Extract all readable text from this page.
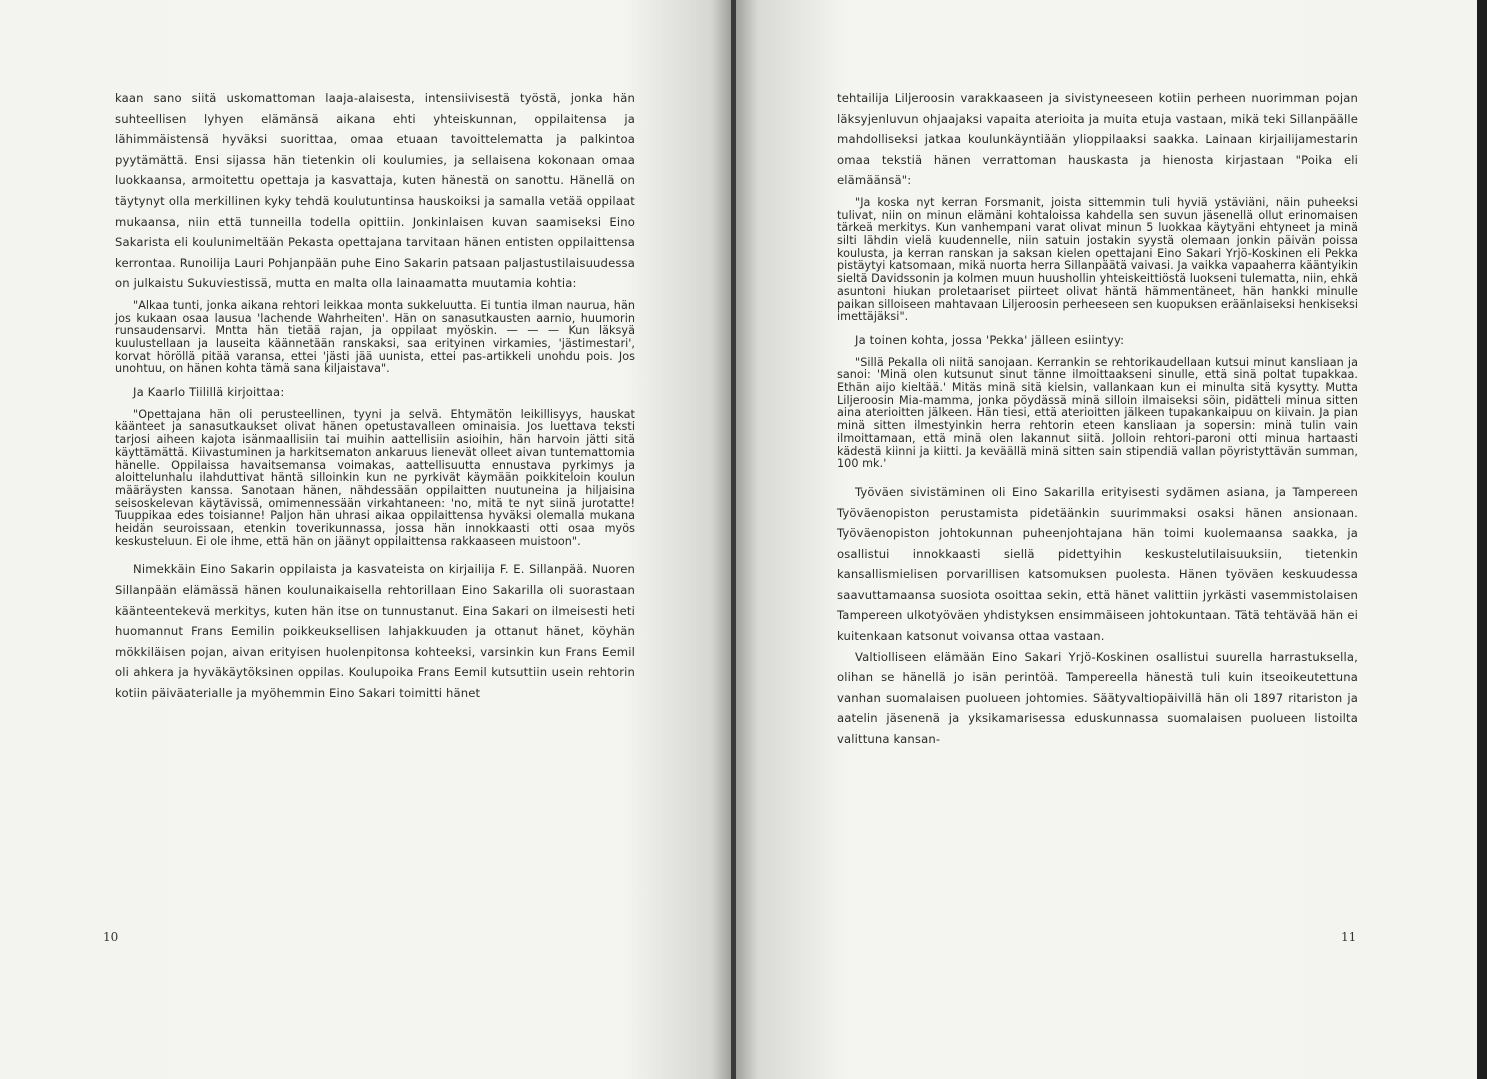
kaan sano siitä uskomattoman laaja-alaisesta, intensiivisestä työstä, jonka hän suhteellisen lyhyen elämänsä aikana ehti yhteiskunnan, oppilaitensa ja lähimmäistensä hyväksi suorittaa, omaa etuaan tavoittelematta ja palkintoa pyytämättä. Ensi sijassa hän tietenkin oli koulumies, ja sellaisena kokonaan omaa luokkaansa, armoitettu opettaja ja kasvattaja, kuten hänestä on sanottu. Hänellä on täytynyt olla merkillinen kyky tehdä koulutuntinsa hauskoiksi ja samalla vetää oppilaat mukaansa, niin että tunneilla todella opittiin. Jonkinlaisen kuvan saamiseksi Eino Sakarista eli koulunimeltään Pekasta opettajana tarvitaan hänen entisten oppilaittensa kerrontaa. Runoilija Lauri Pohjanpään puhe Eino Sakarin patsaan paljastustilaisuudessa on julkaistu Sukuviestissä, mutta en malta olla lainaamatta muutamia kohtia:

"Alkaa tunti, jonka aikana rehtori leikkaa monta sukkeluutta. Ei tuntia ilman naurua, hän jos kukaan osaa lausua 'lachende Wahrheiten'. Hän on sanasutkausten aarnio, huumorin runsaudensarvi. Mntta hän tietää rajan, ja oppilaat myöskin. — — — Kun läksyä kuulustellaan ja lauseita käännetään ranskaksi, saa erityinen virkamies, 'jästimestari', korvat höröllä pitää varansa, ettei 'jästi jää uunista, ettei pas-artikkeli unohdu pois. Jos unohtuu, on hänen kohta tämä sana kiljaistava".

Ja Kaarlo Tiilillä kirjoittaa:

"Opettajana hän oli perusteellinen, tyyni ja selvä. Ehtymätön leikillisyys, hauskat käänteet ja sanasutkaukset olivat hänen opetustavalleen ominaisia. Jos luettava teksti tarjosi aiheen kajota isänmaallisiin tai muihin aattellisiin asioihin, hän harvoin jätti sitä käyttämättä. Kiivastuminen ja harkitsematon ankaruus lienevät olleet aivan tuntemattomia hänelle. Oppilaissa havaitsemansa voimakas, aattellisuutta ennustava pyrkimys ja aloittelunhalu ilahduttivat häntä silloinkin kun ne pyrkivät käymään poikkiteloin koulun määräysten kanssa. Sanotaan hänen, nähdessään oppilaitten nuutuneina ja hiljaisina seisoskelevan käytävissä, omimennessään virkahtaneen: 'no, mitä te nyt siinä jurotatte! Tuuppikaa edes toisianne! Paljon hän uhrasi aikaa oppilaittensa hyväksi olemalla mukana heidän seuroissaan, etenkin toverikunnassa, jossa hän innokkaasti otti osaa myös keskusteluun. Ei ole ihme, että hän on jäänyt oppilaittensa rakkaaseen muistoon".

Nimekkäin Eino Sakarin oppilaista ja kasvateista on kirjailija F. E. Sillanpää. Nuoren Sillanpään elämässä hänen koulunaikaisella rehtorillaan Eino Sakarilla oli suorastaan käänteentekevä merkitys, kuten hän itse on tunnustanut. Eina Sakari on ilmeisesti heti huomannut Frans Eemilin poikkeuksellisen lahjakkuuden ja ottanut hänet, köyhän mökkiläisen pojan, aivan erityisen huolenpitonsa kohteeksi, varsinkin kun Frans Eemil oli ahkera ja hyväkäytöksinen oppilas. Koulupoika Frans Eemil kutsuttiin usein rehtorin kotiin päiväaterialle ja myöhemmin Eino Sakari toimitti hänet

10

tehtailija Liljeroosin varakkaaseen ja sivistyneeseen kotiin perheen nuorimman pojan läksyjenluvun ohjaajaksi vapaita aterioita ja muita etuja vastaan, mikä teki Sillanpäälle mahdolliseksi jatkaa koulunkäyntiään ylioppilaaksi saakka. Lainaan kirjailijamestarin omaa tekstiä hänen verrattoman hauskasta ja hienosta kirjastaan "Poika eli elämäänsä":

"Ja koska nyt kerran Forsmanit, joista sittemmin tuli hyviä ystäviäni, näin puheeksi tulivat, niin on minun elämäni kohtaloissa kahdella sen suvun jäsenellä ollut erinomaisen tärkeä merkitys. Kun vanhempani varat olivat minun 5 luokkaa käytyäni ehtyneet ja minä silti lähdin vielä kuudennelle, niin satuin jostakin syystä olemaan jonkin päivän poissa koulusta, ja kerran ranskan ja saksan kielen opettajani Eino Sakari Yrjö-Koskinen eli Pekka pistäytyi katsomaan, mikä nuorta herra Sillanpäätä vaivasi. Ja vaikka vapaaherra kääntyikin sieltä Davidssonin ja kolmen muun huushollin yhteiskeittiöstä luokseni tulematta, niin, ehkä asuntoni hiukan proletaariset piirteet olivat häntä hämmentäneet, hän hankki minulle paikan silloiseen mahtavaan Liljeroosin perheeseen sen kuopuksen eräänlaiseksi henkiseksi imettäjäksi".

Ja toinen kohta, jossa 'Pekka' jälleen esiintyy:

"Sillä Pekalla oli niitä sanojaan. Kerrankin se rehtorikaudellaan kutsui minut kansliaan ja sanoi: 'Minä olen kutsunut sinut tänne ilmoittaakseni sinulle, että sinä poltat tupakkaa. Ethän aijo kieltää.' Mitäs minä sitä kielsin, vallankaan kun ei minulta sitä kysytty. Mutta Liljeroosin Mia-mamma, jonka pöydässä minä silloin ilmaiseksi söin, pidätteli minua sitten aina aterioitten jälkeen. Hän tiesi, että aterioitten jälkeen tupakankaipuu on kiivain. Ja pian minä sitten ilmestyinkin herra rehtorin eteen kansliaan ja sopersin: minä tulin vain ilmoittamaan, että minä olen lakannut siitä. Jolloin rehtori-paroni otti minua hartaasti kädestä kiinni ja kiitti. Ja keväällä minä sitten sain stipendiä vallan pöyristyttävän summan, 100 mk.'

Työväen sivistäminen oli Eino Sakarilla erityisesti sydämen asiana, ja Tampereen Työväenopiston perustamista pidetäänkin suurimmaksi osaksi hänen ansionaan. Työväenopiston johtokunnan puheenjohtajana hän toimi kuolemaansa saakka, ja osallistui innokkaasti siellä pidettyihin keskustelutilaisuuksiin, tietenkin kansallismielisen porvarillisen katsomuksen puolesta. Hänen työväen keskuudessa saavuttamaansa suosiota osoittaa sekin, että hänet valittiin jyrkästi vasemmistolaisen Tampereen ulkotyöväen yhdistyksen ensimmäiseen johtokuntaan. Tätä tehtävää hän ei kuitenkaan katsonut voivansa ottaa vastaan.

Valtiolliseen elämään Eino Sakari Yrjö-Koskinen osallistui suurella harrastuksella, olihan se hänellä jo isän perintöä. Tampereella hänestä tuli kuin itseoikeutettuna vanhan suomalaisen puolueen johtomies. Säätyvaltiopäivillä hän oli 1897 ritariston ja aatelin jäsenenä ja yksikamarisessa eduskunnassa suomalaisen puolueen listoilta valittuna kansan-

11
